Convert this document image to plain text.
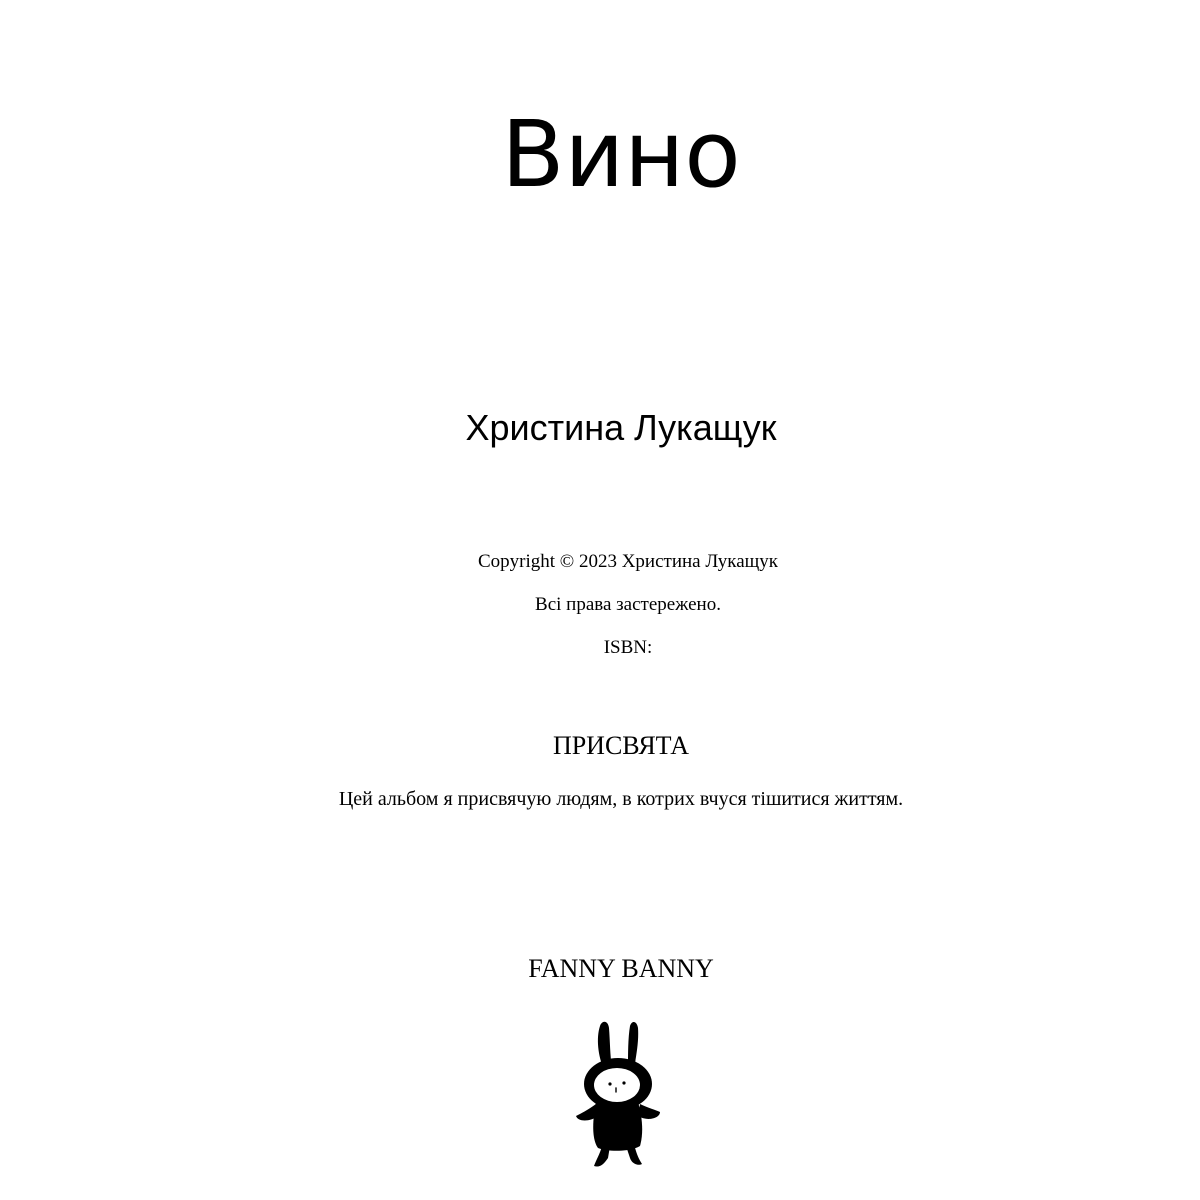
Вино
Христина Лукащук

Copyright © 2023 Христина Лукащук

Всі права застережено.

ISBN:

ПРИСВЯТА

Цей альбом я присвячую людям, в котрих вчуся тішитися життям.

FANNY BANNY
